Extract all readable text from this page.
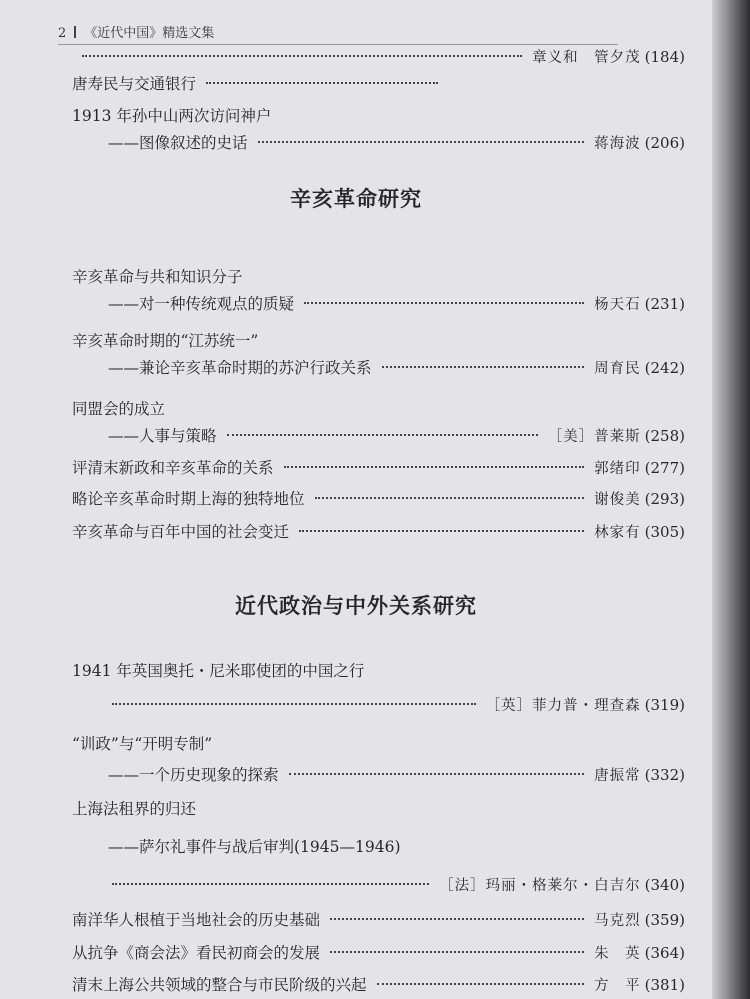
2 《近代中国》精选文集
章义和　管夕茂 (184)
唐寿民与交通银行
1913 年孙中山两次访问神户
——图像叙述的史话	蒋海波 (206)
辛亥革命研究
辛亥革命与共和知识分子
——对一种传统观点的质疑	杨天石 (231)
辛亥革命时期的“江苏统一”
——兼论辛亥革命时期的苏沪行政关系	周育民 (242)
同盟会的成立
——人事与策略	［美］普莱斯 (258)
评清末新政和辛亥革命的关系	郭绪印 (277)
略论辛亥革命时期上海的独特地位	谢俊美 (293)
辛亥革命与百年中国的社会变迁	林家有 (305)
近代政治与中外关系研究
1941 年英国奥托・尼米耶使团的中国之行
［英］菲力普・理查森 (319)
“训政”与“开明专制”
——一个历史现象的探索	唐振常 (332)
上海法租界的归还
——萨尔礼事件与战后审判(1945—1946)
［法］玛丽・格莱尔・白吉尔 (340)
南洋华人根植于当地社会的历史基础	马克烈 (359)
从抗争《商会法》看民初商会的发展	朱　英 (364)
清末上海公共领域的整合与市民阶级的兴起	方　平 (381)
